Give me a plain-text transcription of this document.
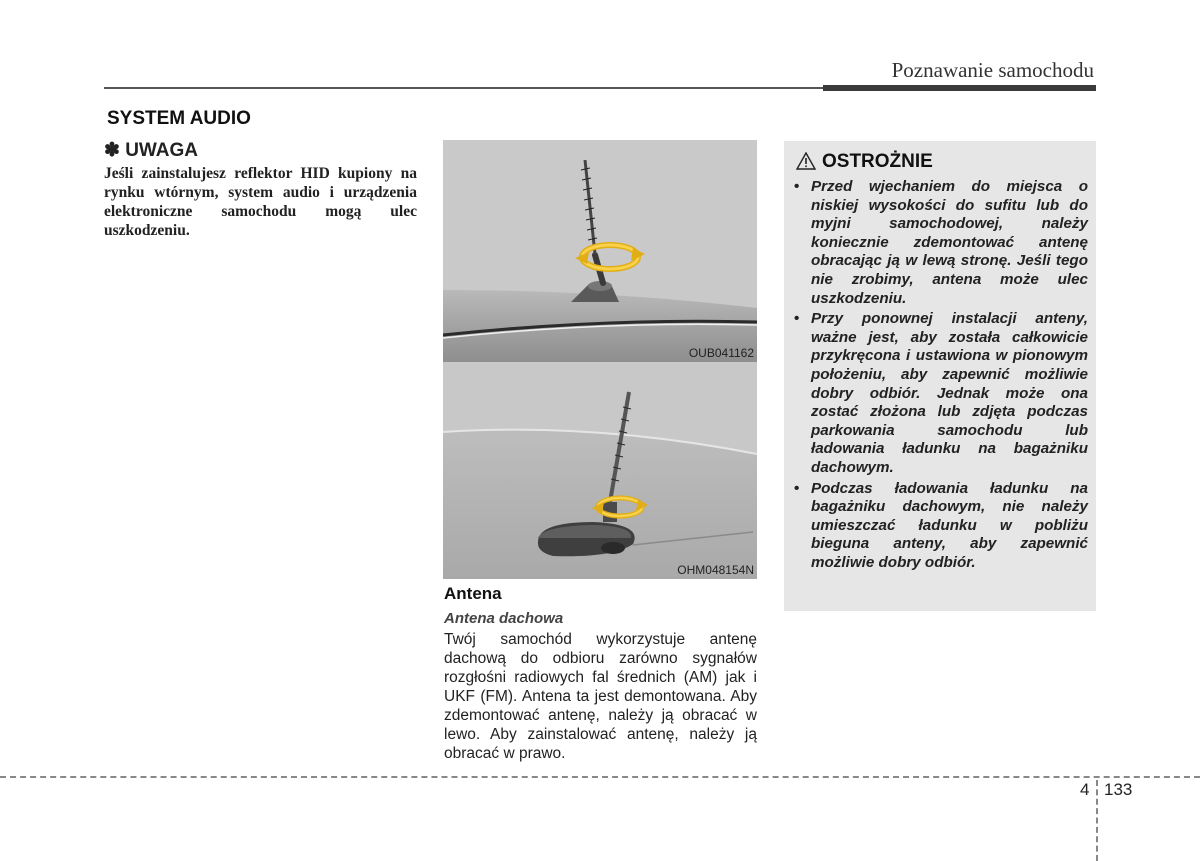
Poznawanie samochodu
SYSTEM AUDIO
✽ UWAGA

Jeśli zainstalujesz reflektor HID kupiony na rynku wtórnym, system audio i urządzenia elektroniczne samochodu mogą ulec uszkodzeniu.

OUB041162
OHM048154N
Antena
Antena dachowa

Twój samochód wykorzystuje antenę dachową do odbioru zarówno sygnałów rozgłośni radiowych fal średnich (AM) jak i UKF (FM). Antena ta jest demontowana. Aby zdemontować antenę, należy ją obracać w lewo. Aby zainstalować antenę, należy ją obracać w prawo.

OSTROŻNIE
• Przed wjechaniem do miejsca o niskiej wysokości do sufitu lub do myjni samochodowej, należy koniecznie zdemontować antenę obracając ją w lewą stronę. Jeśli tego nie zrobimy, antena może ulec uszkodzeniu.
• Przy ponownej instalacji anteny, ważne jest, aby została całkowicie przykręcona i ustawiona w pionowym położeniu, aby zapewnić możliwie dobry odbiór. Jednak może ona zostać złożona lub zdjęta podczas parkowania samochodu lub ładowania ładunku na bagażniku dachowym.
• Podczas ładowania ładunku na bagażniku dachowym, nie należy umieszczać ładunku w pobliżu bieguna anteny, aby zapewnić możliwie dobry odbiór.
4 133
